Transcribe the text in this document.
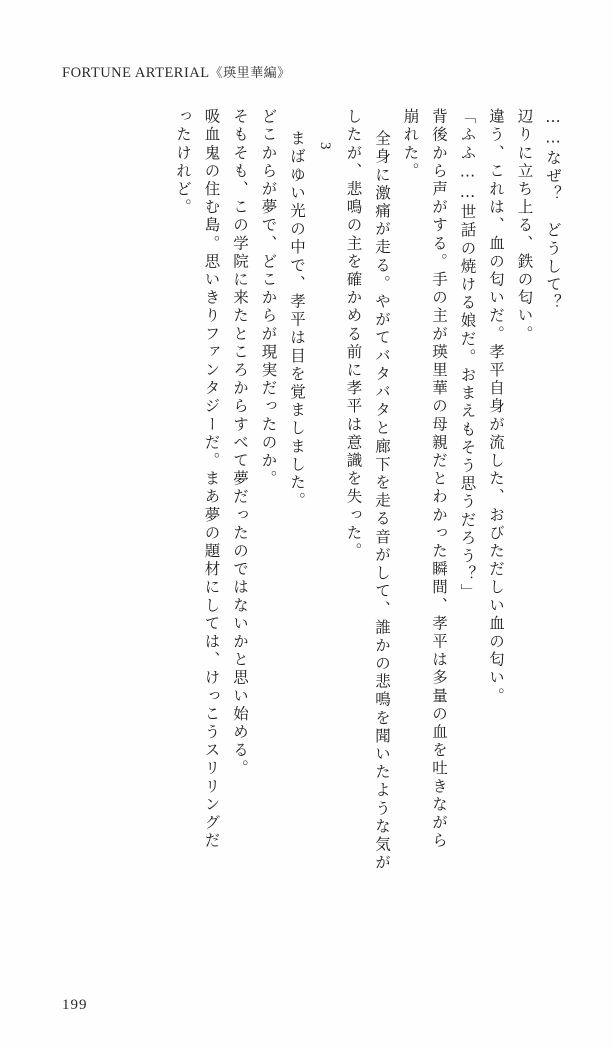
FORTUNE ARTERIAL《瑛里華編》
ったけれど。 吸血鬼の住む島。思いきりファンタジーだ。まあ夢の題材にしては、けっこうスリリングだ そもそも、この学院に来たところからすべて夢だったのではないかと思い始める。 どこからが夢で、どこからが現実だったのか。 まばゆい光の中で、孝平は目を覚ましました。 3 したが、悲鳴の主を確かめる前に孝平は意識を失った。 全身に激痛が走る。やがてバタバタと廊下を走る音がして、誰かの悲鳴を聞いたような気が 崩れた。 背後から声がする。手の主が瑛里華の母親だとわかった瞬間、孝平は多量の血を吐きながら 「ふふ……世話の焼ける娘だ。おまえもそう思うだろう？」 違う、これは、血の匂いだ。孝平自身が流した、おびただしい血の匂い。 辺りに立ち上る、鉄の匂い。 ……なぜ？　どうして？
199
